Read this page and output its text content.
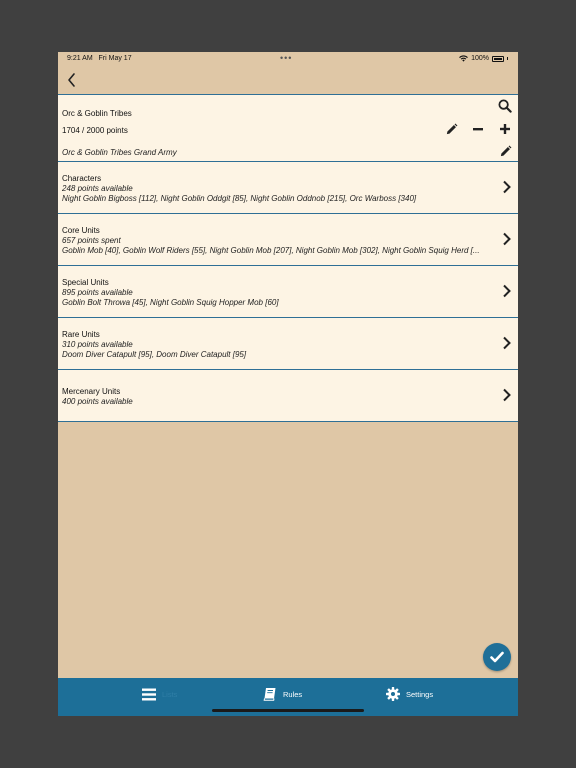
9:21 AM Fri May 17	•••	100%
Orc & Goblin Tribes
1704 / 2000 points
Orc & Goblin Tribes Grand Army
Characters
248 points available
Night Goblin Bigboss [112], Night Goblin Oddgit [85], Night Goblin Oddnob [215], Orc Warboss [340]
Core Units
657 points spent
Goblin Mob [40], Goblin Wolf Riders [55], Night Goblin Mob [207], Night Goblin Mob [302], Night Goblin Squig Herd [...
Special Units
895 points available
Goblin Bolt Throwa [45], Night Goblin Squig Hopper Mob [60]
Rare Units
310 points available
Doom Diver Catapult [95], Doom Diver Catapult [95]
Mercenary Units
400 points available
Lists	Rules	Settings
